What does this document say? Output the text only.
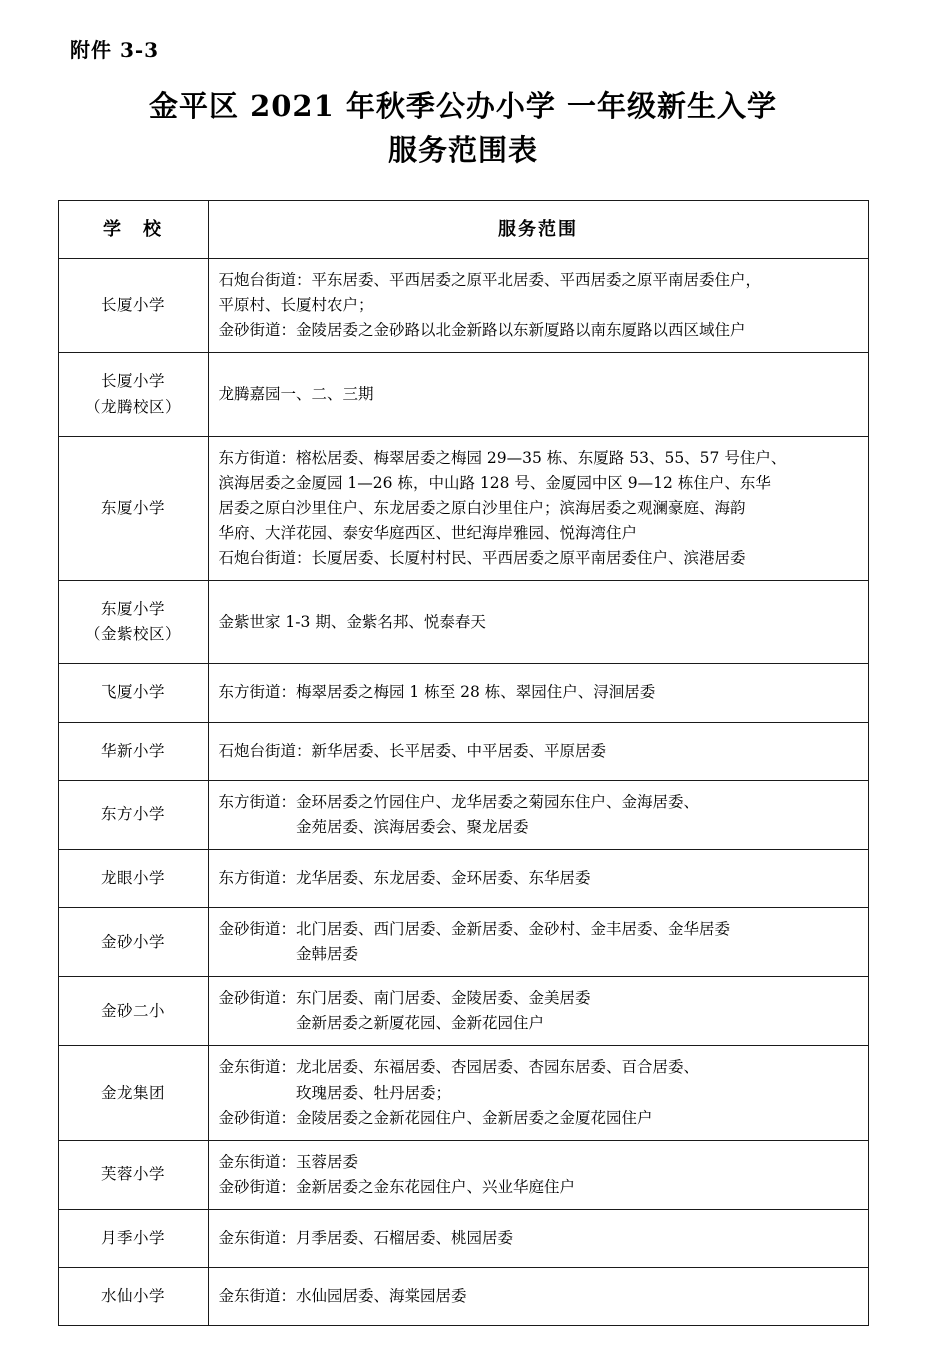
附件 3-3
金平区 2021 年秋季公办小学 一年级新生入学
服务范围表
学　校	服务范围
长厦小学	石炮台街道：平东居委、平西居委之原平北居委、平西居委之原平南居委住户，
平原村、长厦村农户；
金砂街道：金陵居委之金砂路以北金新路以东新厦路以南东厦路以西区域住户

长厦小学
（龙腾校区）	龙腾嘉园一、二、三期

东厦小学	东方街道：榕松居委、梅翠居委之梅园 29—35 栋、东厦路 53、55、57 号住户、
滨海居委之金厦园 1—26 栋，中山路 128 号、金厦园中区 9—12 栋住户、东华
居委之原白沙里住户、东龙居委之原白沙里住户；滨海居委之观澜豪庭、海韵
华府、大洋花园、泰安华庭西区、世纪海岸雅园、悦海湾住户
石炮台街道：长厦居委、长厦村村民、平西居委之原平南居委住户、滨港居委

东厦小学
（金紫校区）	金紫世家 1-3 期、金紫名邦、悦泰春天

飞厦小学	东方街道：梅翠居委之梅园 1 栋至 28 栋、翠园住户、浔洄居委

华新小学	石炮台街道：新华居委、长平居委、中平居委、平原居委

东方小学	东方街道：金环居委之竹园住户、龙华居委之菊园东住户、金海居委、
　　　　　金苑居委、滨海居委会、聚龙居委

龙眼小学	东方街道：龙华居委、东龙居委、金环居委、东华居委

金砂小学	金砂街道：北门居委、西门居委、金新居委、金砂村、金丰居委、金华居委
　　　　　金韩居委

金砂二小	金砂街道：东门居委、南门居委、金陵居委、金美居委
　　　　　金新居委之新厦花园、金新花园住户

金龙集团	金东街道：龙北居委、东福居委、杏园居委、杏园东居委、百合居委、
　　　　　玫瑰居委、牡丹居委；
金砂街道：金陵居委之金新花园住户、金新居委之金厦花园住户

芙蓉小学	金东街道：玉蓉居委
金砂街道：金新居委之金东花园住户、兴业华庭住户

月季小学	金东街道：月季居委、石榴居委、桃园居委

水仙小学	金东街道：水仙园居委、海棠园居委
